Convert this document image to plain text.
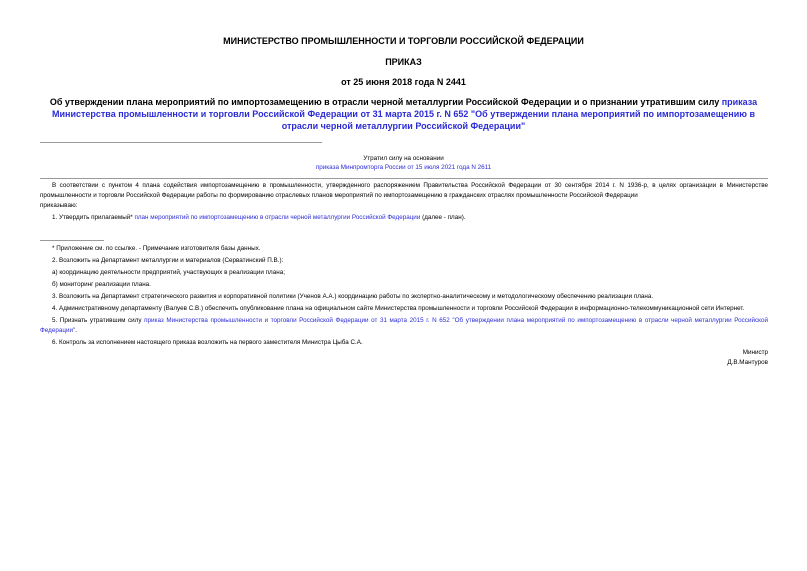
МИНИСТЕРСТВО ПРОМЫШЛЕННОСТИ И ТОРГОВЛИ РОССИЙСКОЙ ФЕДЕРАЦИИ
ПРИКАЗ
от 25 июня 2018 года N 2441
Об утверждении плана мероприятий по импортозамещению в отрасли черной металлургии Российской Федерации и о признании утратившим силу приказа Министерства промышленности и торговли Российской Федерации от 31 марта 2015 г. N 652 "Об утверждении плана мероприятий по импортозамещению в отрасли черной металлургии Российской Федерации"
Утратил силу на основании
приказа Минпромторга России от 15 июля 2021 года N 2611

В соответствии с пунктом 4 плана содействия импортозамещению в промышленности, утвержденного распоряжением Правительства Российской Федерации от 30 сентября 2014 г. N 1936-р, в целях организации в Министерстве промышленности и торговли Российской Федерации работы по формированию отраслевых планов мероприятий по импортозамещению в гражданских отраслях промышленности Российской Федерации

приказываю:

1. Утвердить прилагаемый* план мероприятий по импортозамещению в отрасли черной металлургии Российской Федерации (далее - план).

* Приложение см. по ссылке. - Примечание изготовителя базы данных.

2. Возложить на Департамент металлургии и материалов (Серватинский П.В.):

а) координацию деятельности предприятий, участвующих в реализации плана;

б) мониторинг реализации плана.

3. Возложить на Департамент стратегического развития и корпоративной политики (Ученов А.А.) координацию работы по экспертно-аналитическому и методологическому обеспечению реализации плана.

4. Административному департаменту (Валуев С.В.) обеспечить опубликование плана на официальном сайте Министерства промышленности и торговли Российской Федерации в информационно-телекоммуникационной сети Интернет.

5. Признать утратившим силу приказ Министерства промышленности и торговли Российской Федерации от 31 марта 2015 г. N 652 "Об утверждении плана мероприятий по импортозамещению в отрасли черной металлургии Российской Федерации".

6. Контроль за исполнением настоящего приказа возложить на первого заместителя Министра Цыба С.А.

Министр
Д.В.Мантуров
